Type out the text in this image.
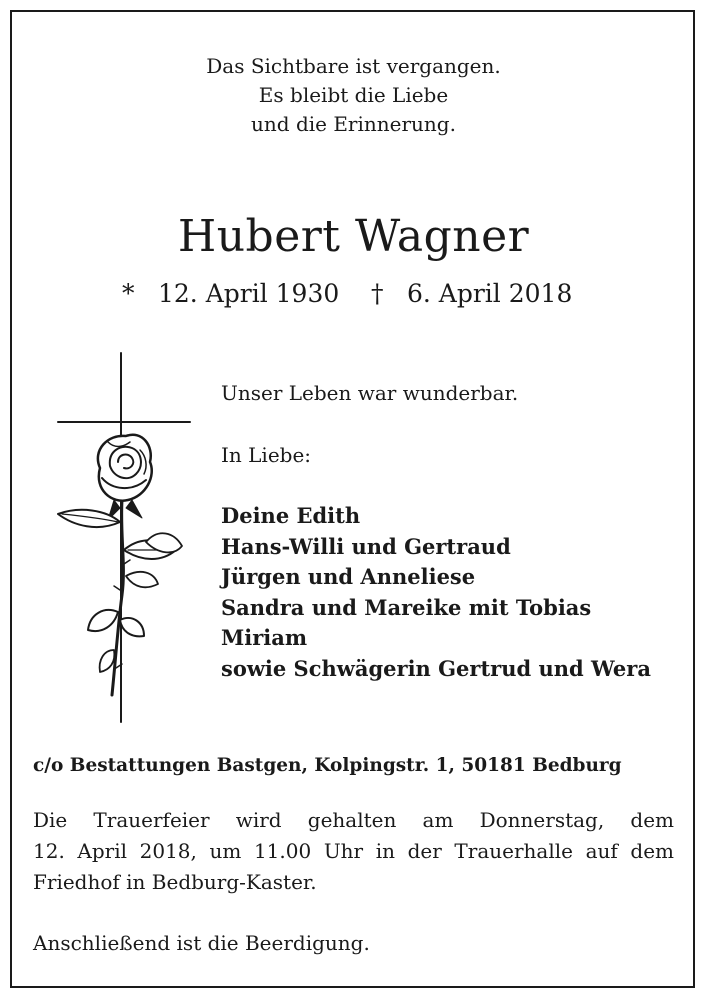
Das Sichtbare ist vergangen.
Es bleibt die Liebe
und die Erinnerung.
Hubert Wagner
* 12. April 1930 † 6. April 2018
Unser Leben war wunderbar.
In Liebe:
Deine Edith
Hans-Willi und Gertraud
Jürgen und Anneliese
Sandra und Mareike mit Tobias
Miriam
sowie Schwägerin Gertrud und Wera
c/o Bestattungen Bastgen, Kolpingstr. 1, 50181 Bedburg
Die Trauerfeier wird gehalten am Donnerstag, dem
12. April 2018, um 11.00 Uhr in der Trauerhalle auf dem
Friedhof in Bedburg-Kaster.
Anschließend ist die Beerdigung.
